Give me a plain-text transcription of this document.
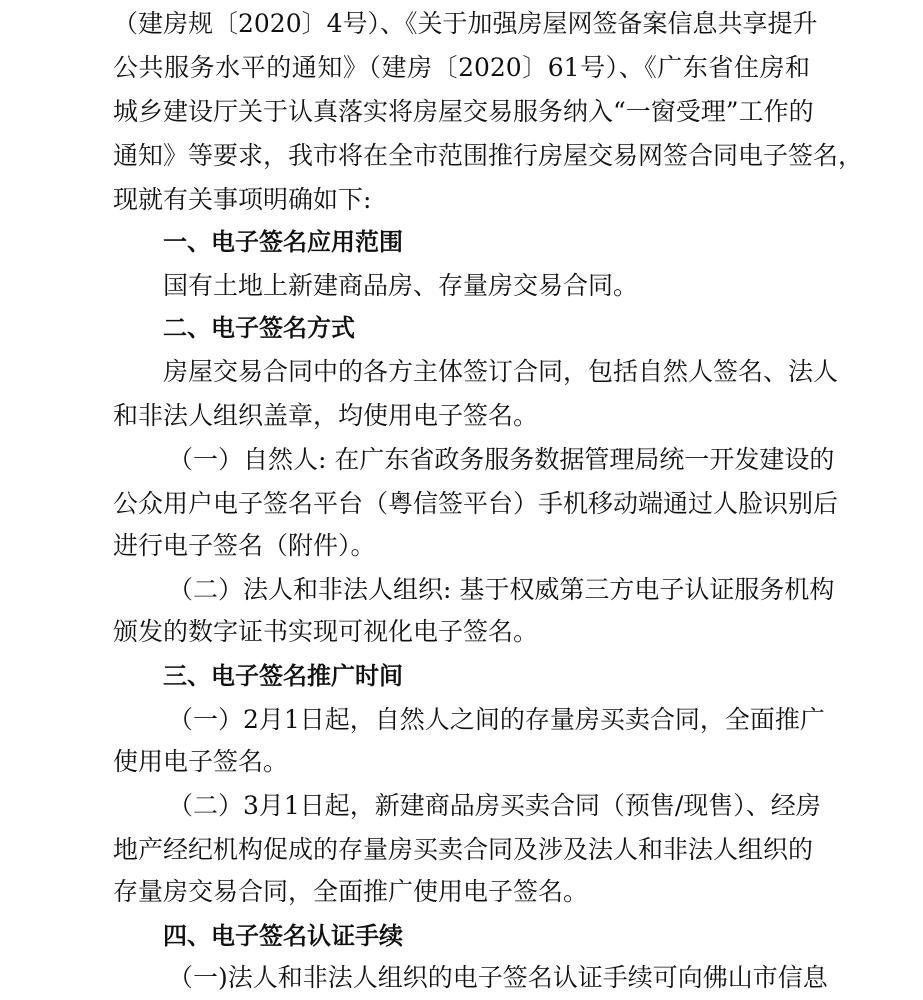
（建房规〔2020〕4号）、《关于加强房屋网签备案信息共享提升
公共服务水平的通知》（建房〔2020〕61号）、《广东省住房和
城乡建设厅关于认真落实将房屋交易服务纳入“一窗受理”工作的
通知》等要求，我市将在全市范围推行房屋交易网签合同电子签名，
现就有关事项明确如下:
一、电子签名应用范围
国有土地上新建商品房、存量房交易合同。
二、电子签名方式
房屋交易合同中的各方主体签订合同，包括自然人签名、法人
和非法人组织盖章，均使用电子签名。
（一）自然人: 在广东省政务服务数据管理局统一开发建设的
公众用户电子签名平台（粤信签平台）手机移动端通过人脸识别后
进行电子签名（附件）。
（二）法人和非法人组织: 基于权威第三方电子认证服务机构
颁发的数字证书实现可视化电子签名。
三、电子签名推广时间
（一）2月1日起，自然人之间的存量房买卖合同，全面推广
使用电子签名。
（二）3月1日起，新建商品房买卖合同（预售/现售）、经房
地产经纪机构促成的存量房买卖合同及涉及法人和非法人组织的
存量房交易合同，全面推广使用电子签名。
四、电子签名认证手续
（一)法人和非法人组织的电子签名认证手续可向佛山市信息
